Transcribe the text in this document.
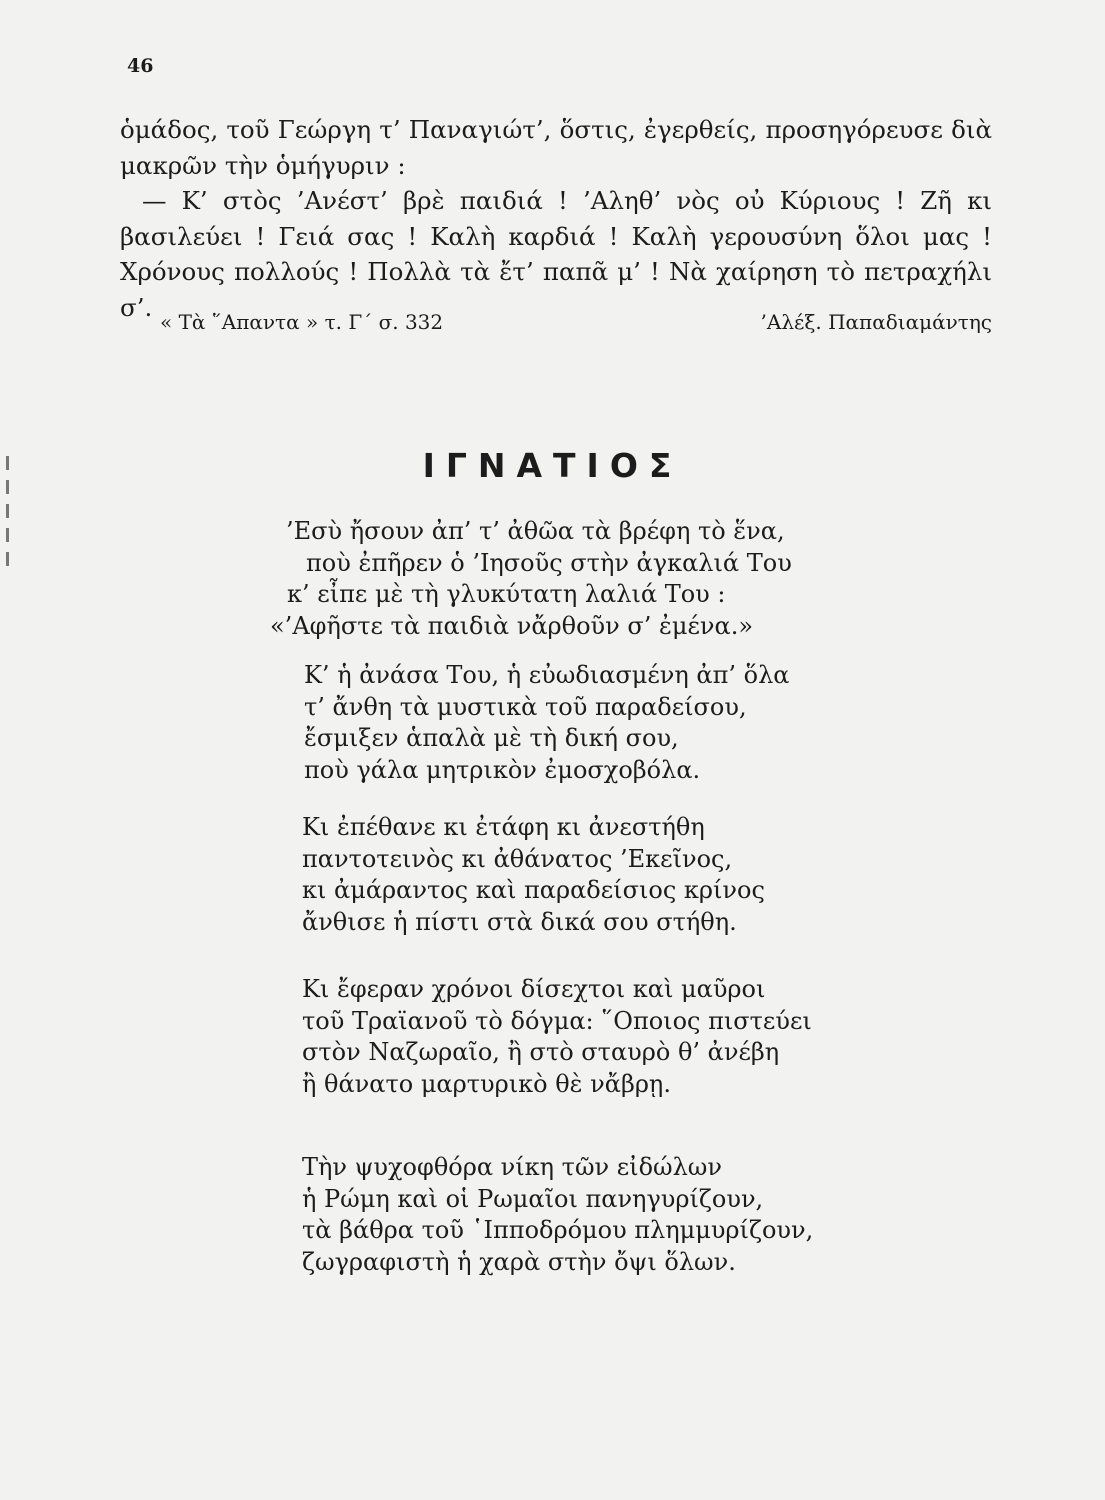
46

ὁμάδος, τοῦ Γεώργη τ’ Παναγιώτ’, ὅστις, ἐγερθείς, προσηγόρευσε διὰ μακρῶν τὴν ὁμήγυριν :

— Κ’ στὸς ’Ανέστ’ βρὲ παιδιά ! ’Αληθ’ νὸς οὐ Κύριους ! Ζῆ κι βασιλεύει ! Γειά σας ! Καλὴ καρδιά ! Καλὴ γερουσύνη ὅλοι μας ! Χρόνους πολλούς ! Πολλὰ τὰ ἔτ’ παπᾶ μ’ ! Νὰ χαίρηση τὸ πετραχήλι σ’.

« Τὰ ῞Απαντα » τ. Γ΄ σ. 332	’Αλέξ. Παπαδιαμάντης
ΙΓΝΑΤΙΟΣ
’Εσὺ ἤσουν ἀπ’ τ’ ἀθῶα τὰ βρέφη τὸ ἕνα,
ποὺ ἐπῆρεν ὁ ’Ιησοῦς στὴν ἀγκαλιά Του
κ’ εἶπε μὲ τὴ γλυκύτατη λαλιά Του :
«’Αφῆστε τὰ παιδιὰ νἄρθοῦν σ’ ἐμένα.»
Κ’ ἡ ἀνάσα Του, ἡ εὐωδιασμένη ἀπ’ ὅλα
τ’ ἄνθη τὰ μυστικὰ τοῦ παραδείσου,
ἔσμιξεν ἁπαλὰ μὲ τὴ δική σου,
ποὺ γάλα μητρικὸν ἐμοσχοβόλα.
Κι ἐπέθανε κι ἐτάφη κι ἀνεστήθη
παντοτεινὸς κι ἀθάνατος ’Εκεῖνος,
κι ἀμάραντος καὶ παραδείσιος κρίνος
ἄνθισε ἡ πίστι στὰ δικά σου στήθη.
Κι ἔφεραν χρόνοι δίσεχτοι καὶ μαῦροι
τοῦ Τραϊανοῦ τὸ δόγμα: ῞Οποιος πιστεύει
στὸν Ναζωραῖο, ἢ στὸ σταυρὸ θ’ ἀνέβη
ἢ θάνατο μαρτυρικὸ θὲ νἄβρῃ.
Τὴν ψυχοφθόρα νίκη τῶν εἰδώλων
ἡ Ρώμη καὶ οἱ Ρωμαῖοι πανηγυρίζουν,
τὰ βάθρα τοῦ ῾Ιπποδρόμου πλημμυρίζουν,
ζωγραφιστὴ ἡ χαρὰ στὴν ὄψι ὅλων.
